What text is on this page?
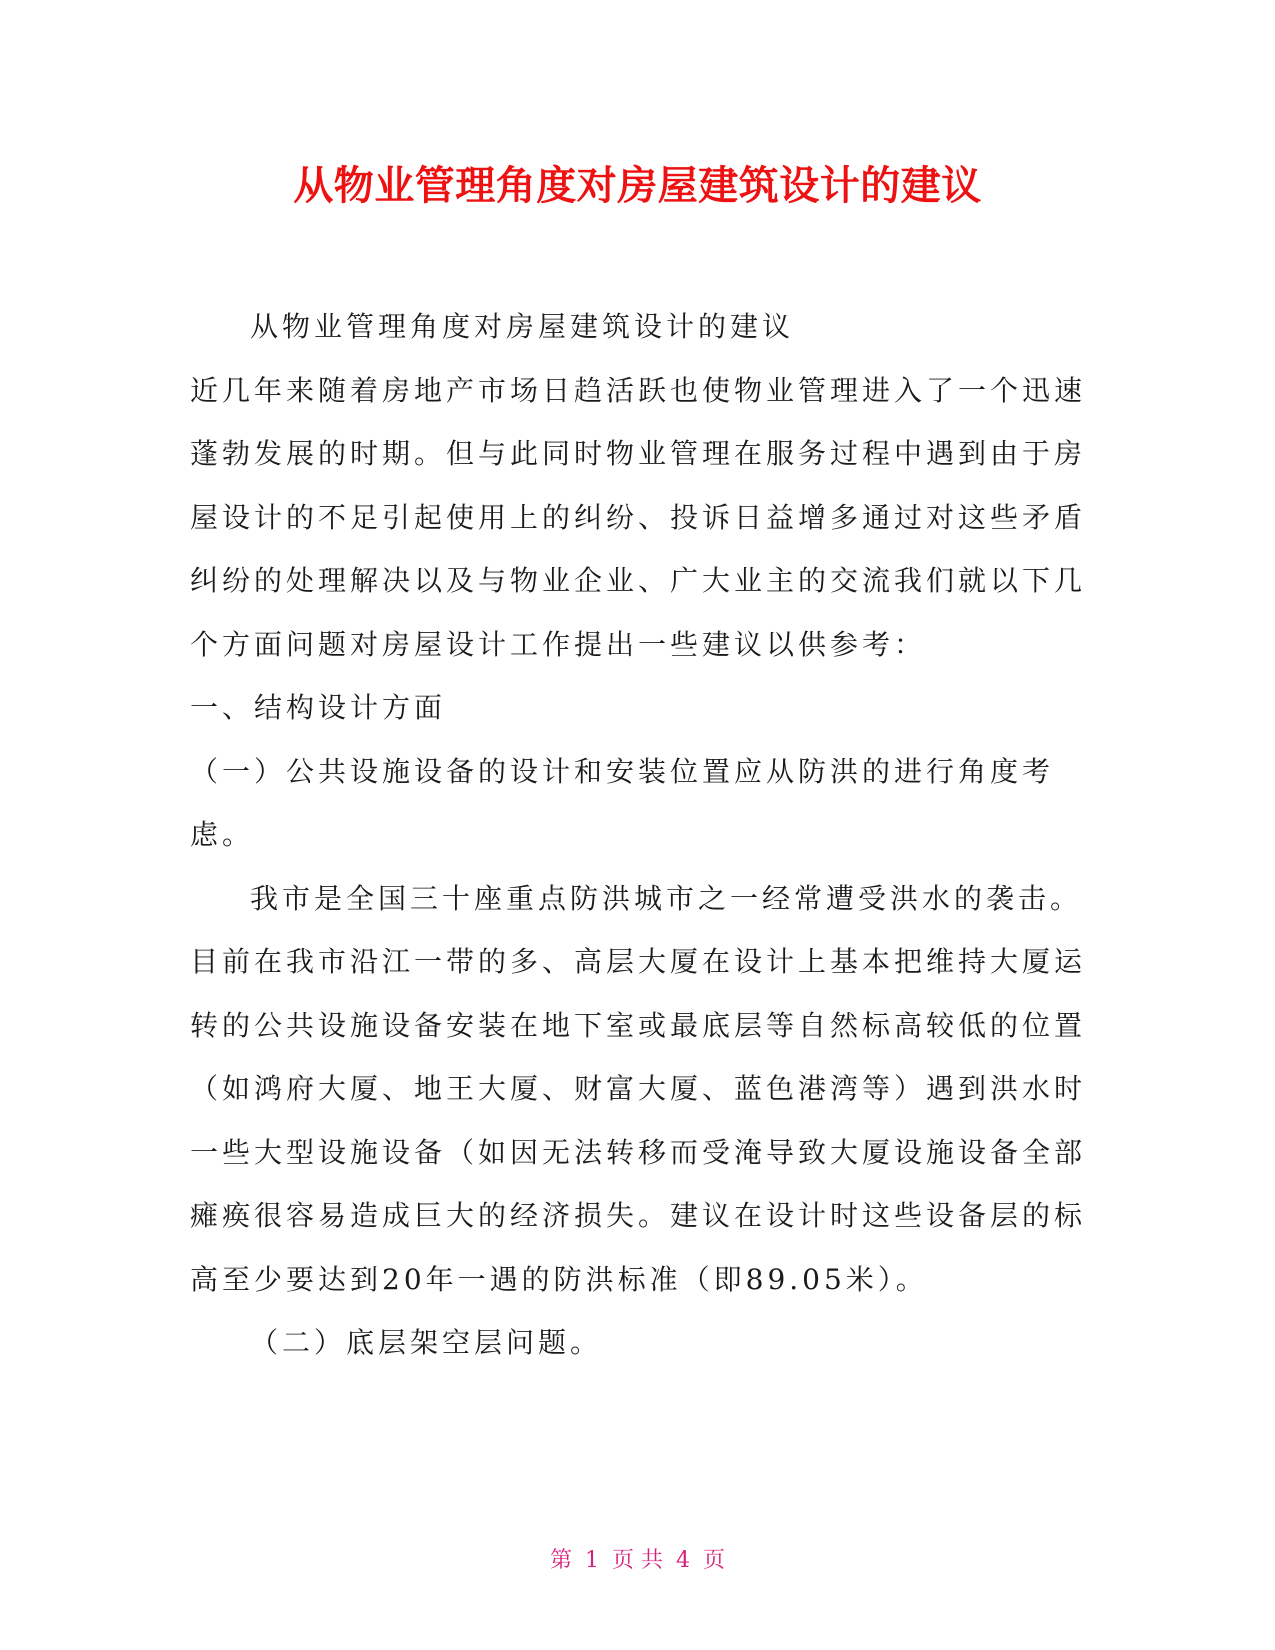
从物业管理角度对房屋建筑设计的建议

从物业管理角度对房屋建筑设计的建议

近几年来随着房地产市场日趋活跃也使物业管理进入了一个迅速蓬勃发展的时期。但与此同时物业管理在服务过程中遇到由于房屋设计的不足引起使用上的纠纷、投诉日益增多通过对这些矛盾纠纷的处理解决以及与物业企业、广大业主的交流我们就以下几个方面问题对房屋设计工作提出一些建议以供参考：

一、结构设计方面

（一）公共设施设备的设计和安装位置应从防洪的进行角度考虑。

我市是全国三十座重点防洪城市之一经常遭受洪水的袭击。目前在我市沿江一带的多、高层大厦在设计上基本把维持大厦运转的公共设施设备安装在地下室或最底层等自然标高较低的位置（如鸿府大厦、地王大厦、财富大厦、蓝色港湾等）遇到洪水时一些大型设施设备（如因无法转移而受淹导致大厦设施设备全部瘫痪很容易造成巨大的经济损失。建议在设计时这些设备层的标高至少要达到20年一遇的防洪标准（即89.05米）。

（二）底层架空层问题。

第 1 页 共 4 页
